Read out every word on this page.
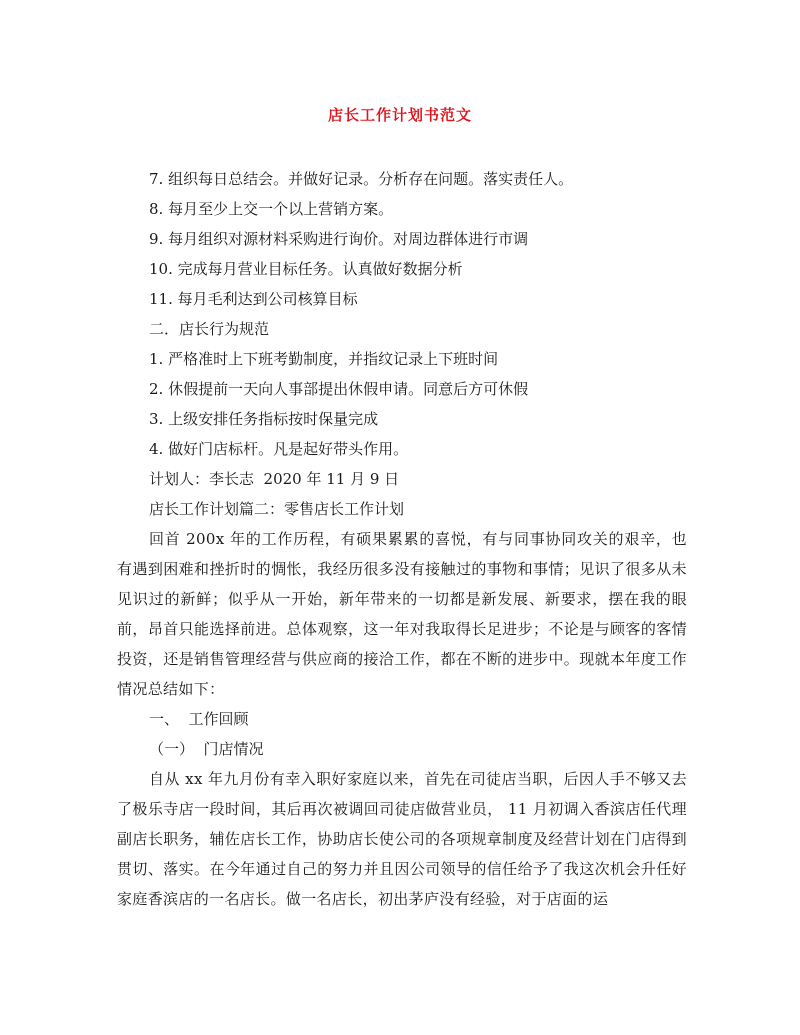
店长工作计划书范文

7. 组织每日总结会。并做好记录。分析存在问题。落实责任人。

8. 每月至少上交一个以上营销方案。

9. 每月组织对源材料采购进行询价。对周边群体进行市调

10. 完成每月营业目标任务。认真做好数据分析

11. 每月毛利达到公司核算目标

二．店长行为规范

1. 严格准时上下班考勤制度，并指纹记录上下班时间

2. 休假提前一天向人事部提出休假申请。同意后方可休假

3. 上级安排任务指标按时保量完成

4. 做好门店标杆。凡是起好带头作用。

计划人：李长志  2020 年 11 月 9 日

店长工作计划篇二：零售店长工作计划

回首 200x 年的工作历程，有硕果累累的喜悦，有与同事协同攻关的艰辛，也有遇到困难和挫折时的惆怅，我经历很多没有接触过的事物和事情；见识了很多从未见识过的新鲜；似乎从一开始，新年带来的一切都是新发展、新要求，摆在我的眼前，昂首只能选择前进。总体观察，这一年对我取得长足进步；不论是与顾客的客情投资，还是销售管理经营与供应商的接洽工作，都在不断的进步中。现就本年度工作情况总结如下：

一、  工作回顾

（一）  门店情况

自从 xx 年九月份有幸入职好家庭以来，首先在司徒店当职，后因人手不够又去了极乐寺店一段时间，其后再次被调回司徒店做营业员， 11 月初调入香滨店任代理副店长职务，辅佐店长工作，协助店长使公司的各项规章制度及经营计划在门店得到贯切、落实。在今年通过自己的努力并且因公司领导的信任给予了我这次机会升任好家庭香滨店的一名店长。做一名店长，初出茅庐没有经验，对于店面的运
